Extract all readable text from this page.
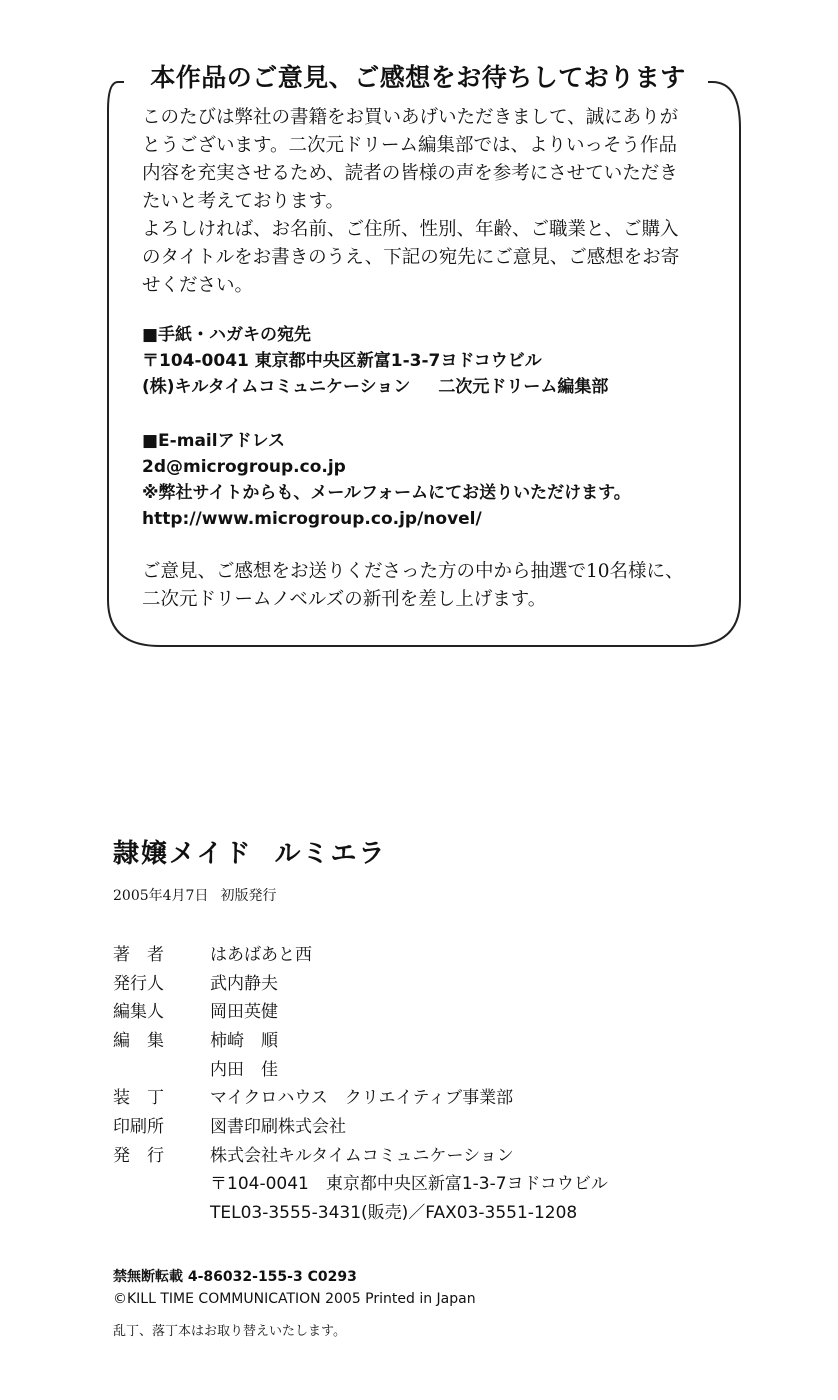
本作品のご意見、ご感想をお待ちしております

このたびは弊社の書籍をお買いあげいただきまして、誠にありが

とうございます。二次元ドリーム編集部では、よりいっそう作品

内容を充実させるため、読者の皆様の声を参考にさせていただき

たいと考えております。

よろしければ、お名前、ご住所、性別、年齢、ご職業と、ご購入

のタイトルをお書きのうえ、下記の宛先にご意見、ご感想をお寄

せください。

■手紙・ハガキの宛先
〒104-0041 東京都中央区新富1-3-7ヨドコウビル
(株)キルタイムコミュニケーション 二次元ドリーム編集部
■E-mailアドレス
2d@microgroup.co.jp
※弊社サイトからも、メールフォームにてお送りいただけます。
http://www.microgroup.co.jp/novel/

ご意見、ご感想をお送りくださった方の中から抽選で10名様に、

二次元ドリームノベルズの新刊を差し上げます。

隷嬢メイド ルミエラ
2005年4月7日 初版発行
著　者	はあばあと西
発行人	武内静夫
編集人	岡田英健
編　集	柿崎　順
内田　佳
装　丁	マイクロハウス　クリエイティブ事業部
印刷所	図書印刷株式会社
発　行	株式会社キルタイムコミュニケーション
〒104-0041　東京都中央区新富1-3-7ヨドコウビル
TEL03-3555-3431(販売)／FAX03-3551-1208
禁無断転載 4-86032-155-3 C0293
©KILL TIME COMMUNICATION 2005 Printed in Japan
乱丁、落丁本はお取り替えいたします。
